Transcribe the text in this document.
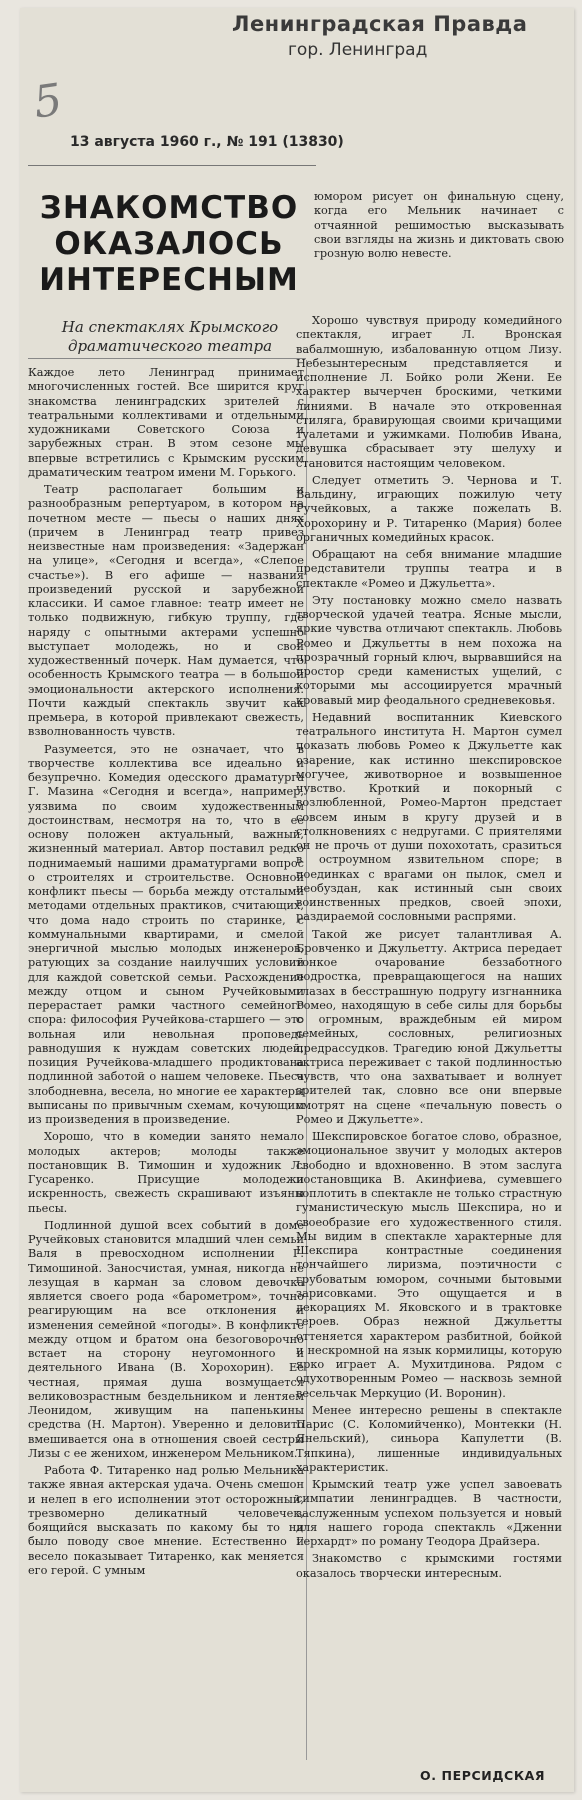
Ленинградская Правда
гор. Ленинград
5
13 августа 1960 г., № 191 (13830)
ЗНАКОМСТВО
ОКАЗАЛОСЬ
ИНТЕРЕСНЫМ
На спектаклях Крымского драматического театра

юмором рисует он финальную сцену, когда его Мельник начинает с отчаянной решимостью высказывать свои взгляды на жизнь и диктовать свою грозную волю невесте.

Каждое лето Ленинград принимает многочисленных гостей. Все ширится круг знакомства ленинградских зрителей с театральными коллективами и отдельными художниками Советского Союза и зарубежных стран. В этом сезоне мы впервые встретились с Крымским русским драматическим театром имени М. Горького.

Театр располагает большим и разнообразным репертуаром, в котором на почетном месте — пьесы о наших днях (причем в Ленинград театр привез неизвестные нам произведения: «Задержан на улице», «Сегодня и всегда», «Слепое счастье»). В его афише — названия произведений русской и зарубежной классики. И самое главное: театр имеет не только подвижную, гибкую труппу, где наряду с опытными актерами успешно выступает молодежь, но и свой художественный почерк. Нам думается, что особенность Крымского театра — в большой эмоциональности актерского исполнения. Почти каждый спектакль звучит как премьера, в которой привлекают свежесть, взволнованность чувств.

Разумеется, это не означает, что в творчестве коллектива все идеально и безупречно. Комедия одесского драматурга Г. Мазина «Сегодня и всегда», например, уязвима по своим художественным достоинствам, несмотря на то, что в ее основу положен актуальный, важный, жизненный материал. Автор поставил редко поднимаемый нашими драматургами вопрос о строителях и строительстве. Основной конфликт пьесы — борьба между отсталыми методами отдельных практиков, считающих, что дома надо строить по старинке, с коммунальными квартирами, и смелой энергичной мыслью молодых инженеров, ратующих за создание наилучших условий для каждой советской семьи. Расхождение между отцом и сыном Ручейковыми перерастает рамки частного семейного спора: философия Ручейкова-старшего — это вольная или невольная проповедь равнодушия к нуждам советских людей, позиция Ручейкова-младшего продиктована подлинной заботой о нашем человеке. Пьеса злободневна, весела, но многие ее характеры выписаны по привычным схемам, кочующим из произведения в произведение.

Хорошо, что в комедии занято немало молодых актеров; молоды также постановщик В. Тимошин и художник Л. Гусаренко. Присущие молодежи искренность, свежесть скрашивают изъяны пьесы.

Подлинной душой всех событий в доме Ручейковых становится младший член семьи Валя в превосходном исполнении Г. Тимошиной. Заносчистая, умная, никогда не лезущая в карман за словом девочка является своего рода «барометром», точно реагирующим на все отклонения и изменения семейной «погоды». В конфликте между отцом и братом она безоговорочно встает на сторону неугомонного и деятельного Ивана (В. Хорохорин). Ее честная, прямая душа возмущается великовозрастным бездельником и лентяем Леонидом, живущим на папенькины средства (Н. Мартон). Уверенно и деловито вмешивается она в отношения своей сестры Лизы с ее женихом, инженером Мельником.

Работа Ф. Титаренко над ролью Мельника также явная актерская удача. Очень смешон и нелеп в его исполнении этот осторожный, трезвомерно деликатный человечек, боящийся высказать по какому бы то ни было поводу свое мнение. Естественно и весело показывает Титаренко, как меняется его герой. С умным

Хорошо чувствуя природу комедийного спектакля, играет Л. Вронская вабалмошную, избалованную отцом Лизу. Небезынтересным представляется и исполнение Л. Бойко роли Жени. Ее характер вычерчен броскими, четкими линиями. В начале это откровенная стиляга, бравирующая своими кричащими туалетами и ужимками. Полюбив Ивана, девушка сбрасывает эту шелуху и становится настоящим человеком.

Следует отметить Э. Чернова и Т. Вальдину, играющих пожилую чету Ручейковых, а также пожелать В. Хорохорину и Р. Титаренко (Мария) более органичных комедийных красок.

Обращают на себя внимание младшие представители труппы театра и в спектакле «Ромео и Джульетта».

Эту постановку можно смело назвать творческой удачей театра. Ясные мысли, яркие чувства отличают спектакль. Любовь Ромео и Джульетты в нем похожа на прозрачный горный ключ, вырвавшийся на простор среди каменистых ущелий, с которыми мы ассоциируется мрачный кровавый мир феодального средневековья.

Недавний воспитанник Киевского театрального института Н. Мартон сумел показать любовь Ромео к Джульетте как озарение, как истинно шекспировское могучее, животворное и возвышенное чувство. Кроткий и покорный с возлюбленной, Ромео-Мартон предстает совсем иным в кругу друзей и в столкновениях с недругами. С приятелями он не прочь от души похохотать, сразиться в остроумном язвительном споре; в поединках с врагами он пылок, смел и необуздан, как истинный сын своих воинственных предков, своей эпохи, раздираемой сословными распрями.

Такой же рисует талантливая А. Бровченко и Джульетту. Актриса передает тонкое очарование беззаботного подростка, превращающегося на наших глазах в бесстрашную подругу изгнанника Ромео, находящую в себе силы для борьбы с огромным, враждебным ей миром семейных, сословных, религиозных предрассудков. Трагедию юной Джульетты актриса переживает с такой подлинностью чувств, что она захватывает и волнует зрителей так, словно все они впервые смотрят на сцене «печальную повесть о Ромео и Джульетте».

Шекспировское богатое слово, образное, эмоциональное звучит у молодых актеров свободно и вдохновенно. В этом заслуга постановщика В. Акинфиева, сумевшего воплотить в спектакле не только страстную гуманистическую мысль Шекспира, но и своеобразие его художественного стиля. Мы видим в спектакле характерные для Шекспира контрастные соединения тончайшего лиризма, поэтичности с грубоватым юмором, сочными бытовыми зарисовками. Это ощущается и в декорациях М. Яковского и в трактовке героев. Образ нежной Джульетты оттеняется характером разбитной, бойкой и нескромной на язык кормилицы, которую ярко играет А. Мухитдинова. Рядом с одухотворенным Ромео — насквозь земной весельчак Меркуцио (И. Воронин).

Менее интересно решены в спектакле Парис (С. Коломийченко), Монтекки (Н. Янельский), синьора Капулетти (В. Тяпкина), лишенные индивидуальных характеристик.

Крымский театр уже успел завоевать симпатии ленинградцев. В частности, заслуженным успехом пользуется и новый для нашего города спектакль «Дженни Герхардт» по роману Теодора Драйзера.

Знакомство с крымскими гостями оказалось творчески интересным.

О. ПЕРСИДСКАЯ
